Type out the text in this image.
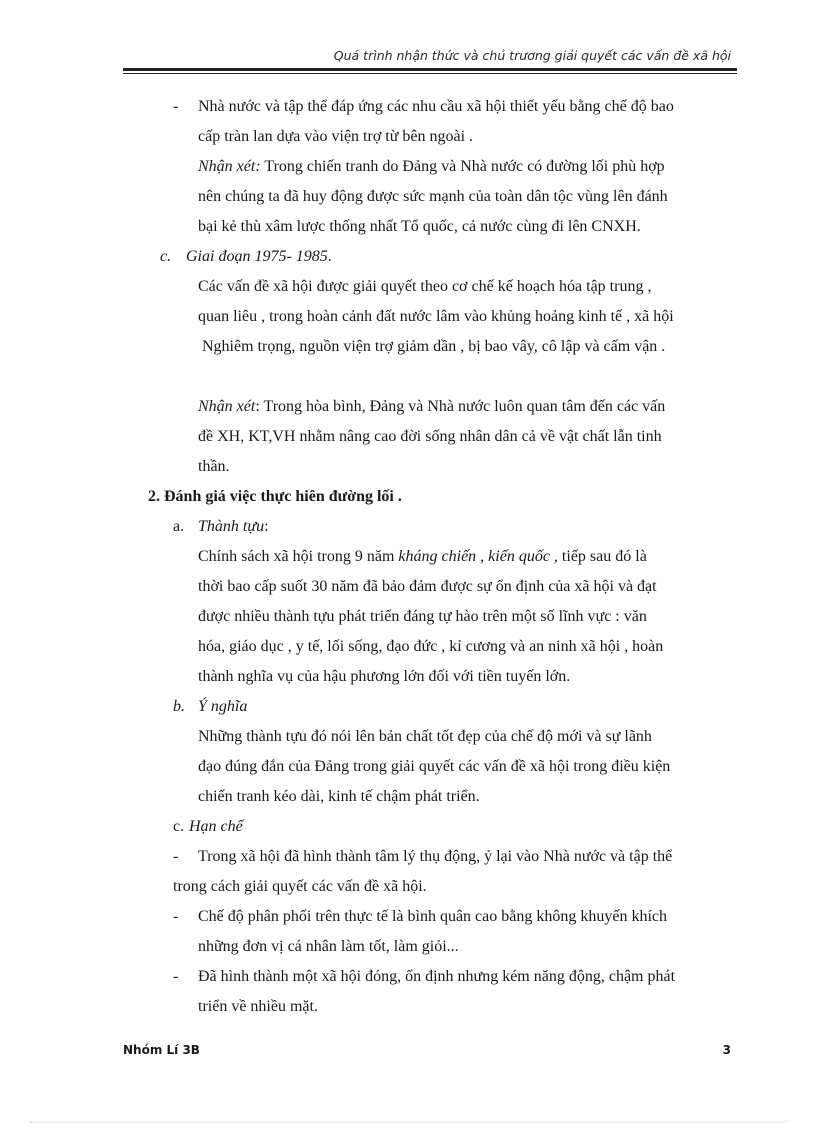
Quá trình nhận thức và chủ trương giải quyết các vấn đề xã hội
- Nhà nước và tập thể đáp ứng các nhu cầu xã hội thiết yếu bằng chế độ bao
cấp tràn lan dựa vào viện trợ từ bên ngoài .
Nhận xét: Trong chiến tranh do Đảng và Nhà nước có đường lối phù hợp
nên chúng ta đã huy động được sức mạnh của toàn dân tộc vùng lên đánh
bại kẻ thù xâm lược thống nhất Tổ quốc, cả nước cùng đi lên CNXH.
c. Giai đoạn 1975- 1985.
Các vấn đề xã hội được giải quyết theo cơ chế kế hoạch hóa tập trung ,
quan liêu , trong hoàn cảnh đất nước lâm vào khủng hoảng kinh tế , xã hội
Nghiêm trọng, nguồn viện trợ giảm dần , bị bao vây, cô lập và cấm vận .
Nhận xét: Trong hòa bình, Đảng và Nhà nước luôn quan tâm đến các vấn
đề XH, KT,VH nhằm nâng cao đời sống nhân dân cả về vật chất lẫn tinh
thần.
2. Đánh giá việc thực hiên đường lối .
a. Thành tựu:
Chính sách xã hội trong 9 năm kháng chiến , kiến quốc , tiếp sau đó là
thời bao cấp suốt 30 năm đã bảo đảm được sự ổn định của xã hội và đạt
được nhiều thành tựu phát triển đáng tự hào trên một số lĩnh vực : văn
hóa, giáo dục , y tế, lối sống, đạo đức , kỉ cương và an ninh xã hội , hoàn
thành nghĩa vụ của hậu phương lớn đối với tiền tuyến lớn.
b. Ý nghĩa
Những thành tựu đó nói lên bản chất tốt đẹp của chế độ mới và sự lãnh
đạo đúng đắn của Đảng trong giải quyết các vấn đề xã hội trong điều kiện
chiến tranh kéo dài, kinh tế chậm phát triển.
c. Hạn chế
- Trong xã hội đã hình thành tâm lý thụ động, ỷ lại vào Nhà nước và tập thể
trong cách giải quyết các vấn đề xã hội.
- Chế độ phân phối trên thực tế là bình quân cao bằng không khuyến khích
những đơn vị cá nhân làm tốt, làm giỏi...
- Đã hình thành một xã hội đóng, ổn định nhưng kém năng động, chậm phát
triển về nhiều mặt.
Nhóm Lí 3B	3
